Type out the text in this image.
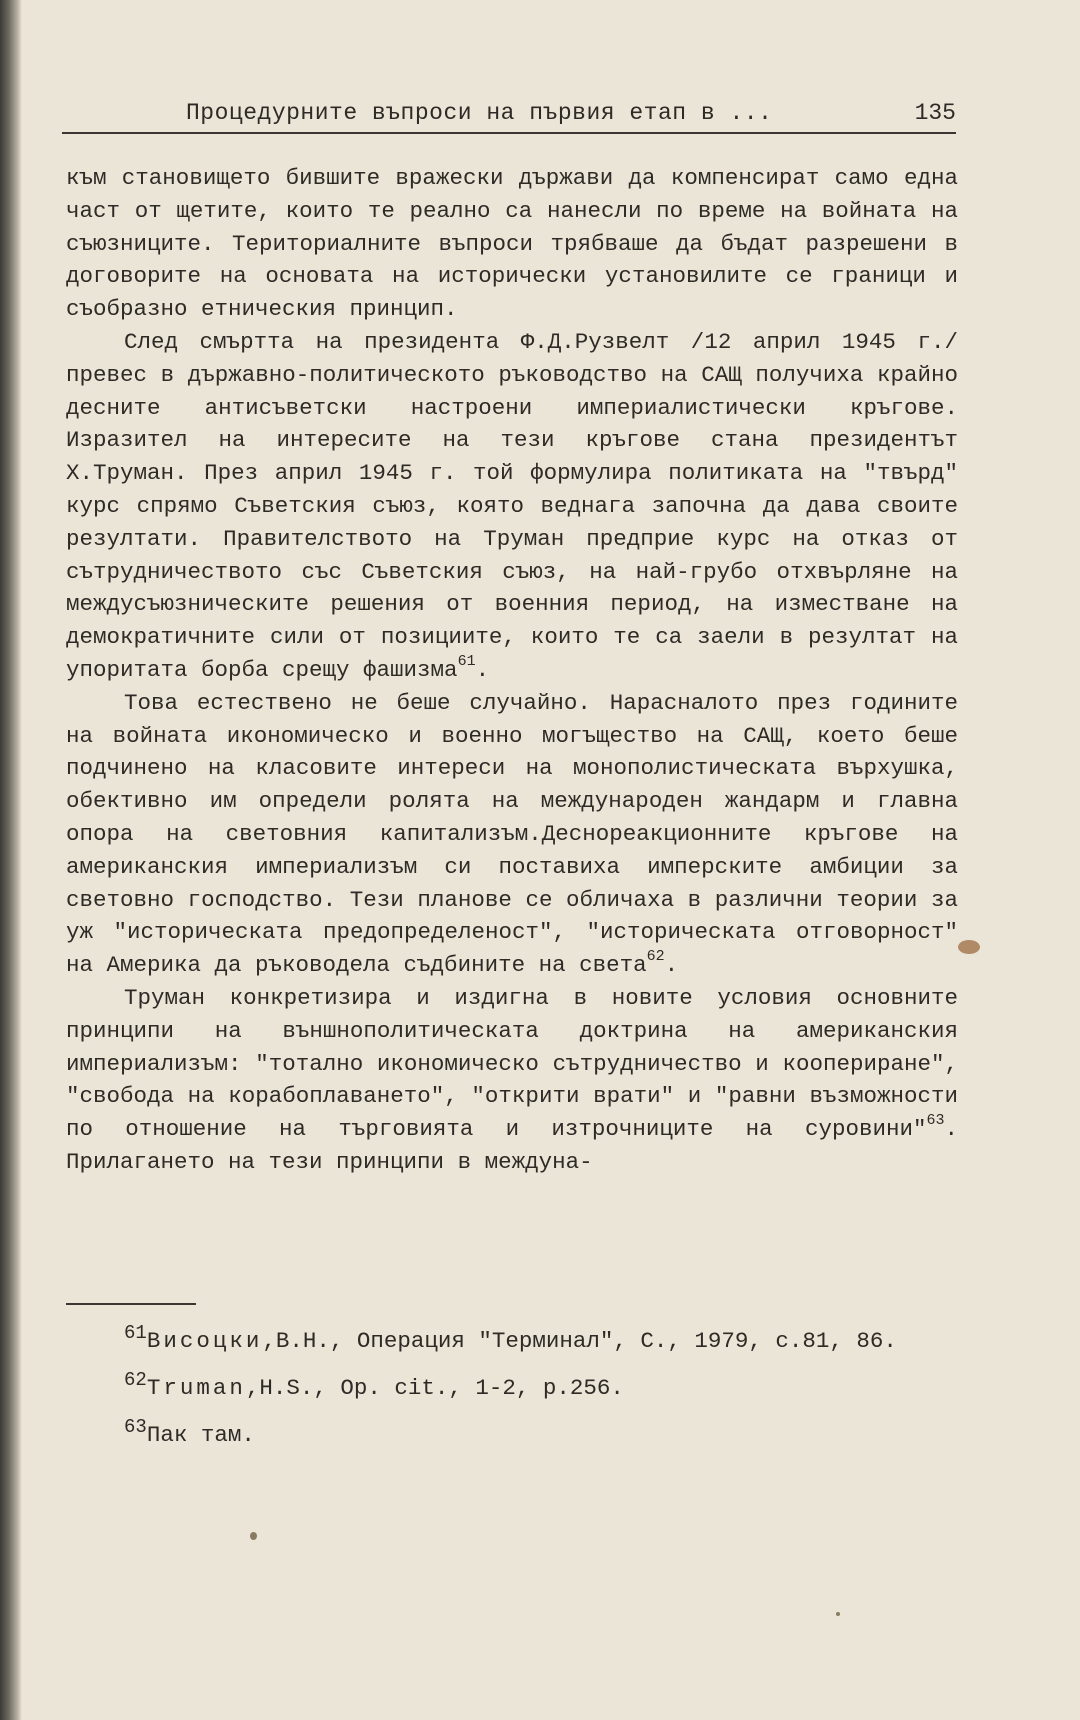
Процедурните въпроси на първия етап в ...	135

към становището бившите вражески държави да компенсират само една част от щетите, които те реално са нанесли по време на войната на съюзниците. Териториалните въпроси трябваше да бъдат разрешени в договорите на основата на исторически установилите се граници и съобразно етническия принцип.

След смъртта на президента Ф.Д.Рузвелт /12 април 1945 г./ превес в държавно-политическото ръководство на САЩ получиха крайно десните антисъветски настроени империалистически кръгове. Изразител на интересите на тези кръгове стана президентът Х.Труман. През април 1945 г. той формулира политиката на "твърд" курс спрямо Съветския съюз, която веднага започна да дава своите резултати. Правителството на Труман предприе курс на отказ от сътрудничеството със Съветския съюз, на най-грубо отхвърляне на междусъюзническите решения от военния период, на изместване на демократичните сили от позициите, които те са заели в резултат на упоритата борба срещу фашизма$^{61}$.

Това естествено не беше случайно. Нарасналото през годините на войната икономическо и военно могъщество на САЩ, което беше подчинено на класовите интереси на монополистическата върхушка, обективно им определи ролята на международен жандарм и главна опора на световния капитализъм.Деснореакционните кръгове на американския империализъм си поставиха имперските амбиции за световно господство. Тези планове се обличаха в различни теории за уж "историческата предопределеност", "историческата отговорност" на Америка да ръководела съдбините на света$^{62}$.

Труман конкретизира и издигна в новите условия основните принципи на външнополитическата доктрина на американския империализъм: "тотално икономическо сътрудничество и коопериране", "свобода на корабоплаването", "открити врати" и "равни възможности по отношение на търговията и изтрочниците на суровини"$^{63}$. Прилагането на тези принципи в междуна-

$^{61}$Висоцки,В.Н., Операция "Терминал", С., 1979, с.81, 86.

$^{62}$Truman,H.S., Op. cit., 1-2, p.256.

$^{63}$Пак там.
